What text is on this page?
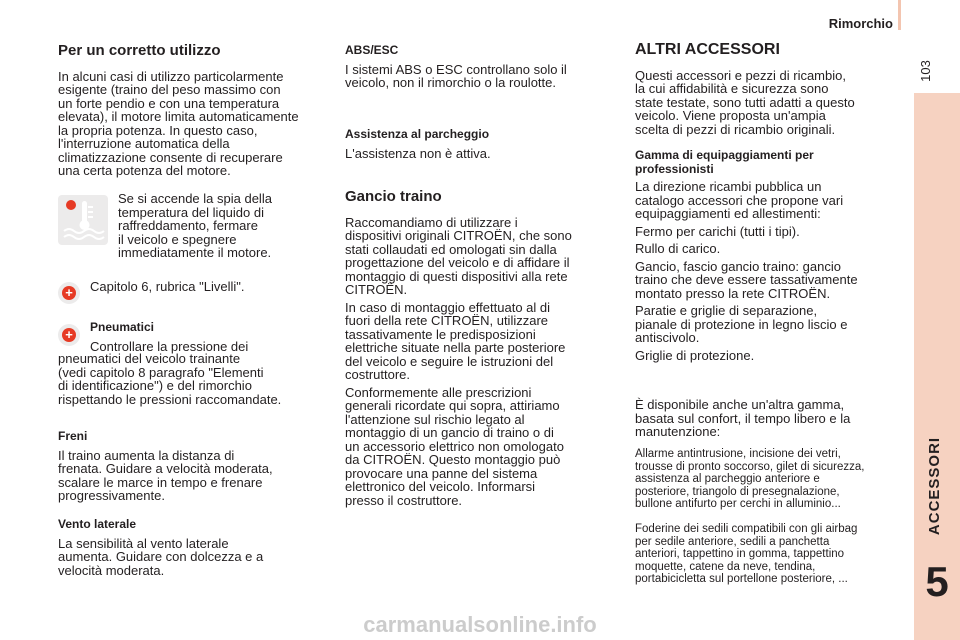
Rimorchio
103
ACCESSORI
5
Per un corretto utilizzo
In alcuni casi di utilizzo particolarmente
esigente (traino del peso massimo con
un forte pendio e con una temperatura
elevata), il motore limita automaticamente
la propria potenza. In questo caso,
l'interruzione automatica della
climatizzazione consente di recuperare
una certa potenza del motore.
Se si accende la spia della
temperatura del liquido di
raffreddamento, fermare
il veicolo e spegnere
immediatamente il motore.
+ Capitolo 6, rubrica "Livelli".
+ Pneumatici
Controllare la pressione dei
pneumatici del veicolo trainante
(vedi capitolo 8 paragrafo "Elementi
di identificazione") e del rimorchio
rispettando le pressioni raccomandate.
Freni
Il traino aumenta la distanza di
frenata. Guidare a velocità moderata,
scalare le marce in tempo e frenare
progressivamente.
Vento laterale
La sensibilità al vento laterale
aumenta. Guidare con dolcezza e a
velocità moderata.
ABS/ESC
I sistemi ABS o ESC controllano solo il
veicolo, non il rimorchio o la roulotte.
Assistenza al parcheggio
L'assistenza non è attiva.
Gancio traino
Raccomandiamo di utilizzare i
dispositivi originali CITROËN, che sono
stati collaudati ed omologati sin dalla
progettazione del veicolo e di affidare il
montaggio di questi dispositivi alla rete
CITROËN.
In caso di montaggio effettuato al di
fuori della rete CITROËN, utilizzare
tassativamente le predisposizioni
elettriche situate nella parte posteriore
del veicolo e seguire le istruzioni del
costruttore.
Conformemente alle prescrizioni
generali ricordate qui sopra, attiriamo
l'attenzione sul rischio legato al
montaggio di un gancio di traino o di
un accessorio elettrico non omologato
da CITROËN. Questo montaggio può
provocare una panne del sistema
elettronico del veicolo. Informarsi
presso il costruttore.
ALTRI ACCESSORI
Questi accessori e pezzi di ricambio,
la cui affidabilità e sicurezza sono
state testate, sono tutti adatti a questo
veicolo. Viene proposta un'ampia
scelta di pezzi di ricambio originali.
Gamma di equipaggiamenti per
professionisti
La direzione ricambi pubblica un
catalogo accessori che propone vari
equipaggiamenti ed allestimenti:
Fermo per carichi (tutti i tipi).
Rullo di carico.
Gancio, fascio gancio traino: gancio
traino che deve essere tassativamente
montato presso la rete CITROËN.
Paratie e griglie di separazione,
pianale di protezione in legno liscio e
antiscivolo.
Griglie di protezione.
È disponibile anche un'altra gamma,
basata sul confort, il tempo libero e la
manutenzione:
Allarme antintrusione, incisione dei vetri,
trousse di pronto soccorso, gilet di sicurezza,
assistenza al parcheggio anteriore e
posteriore, triangolo di presegnalazione,
bullone antifurto per cerchi in alluminio...
Foderine dei sedili compatibili con gli airbag
per sedile anteriore, sedili a panchetta
anteriori, tappettino in gomma, tappettino
moquette, catene da neve, tendina,
portabicicletta sul portellone posteriore, ...
carmanualsonline.info
